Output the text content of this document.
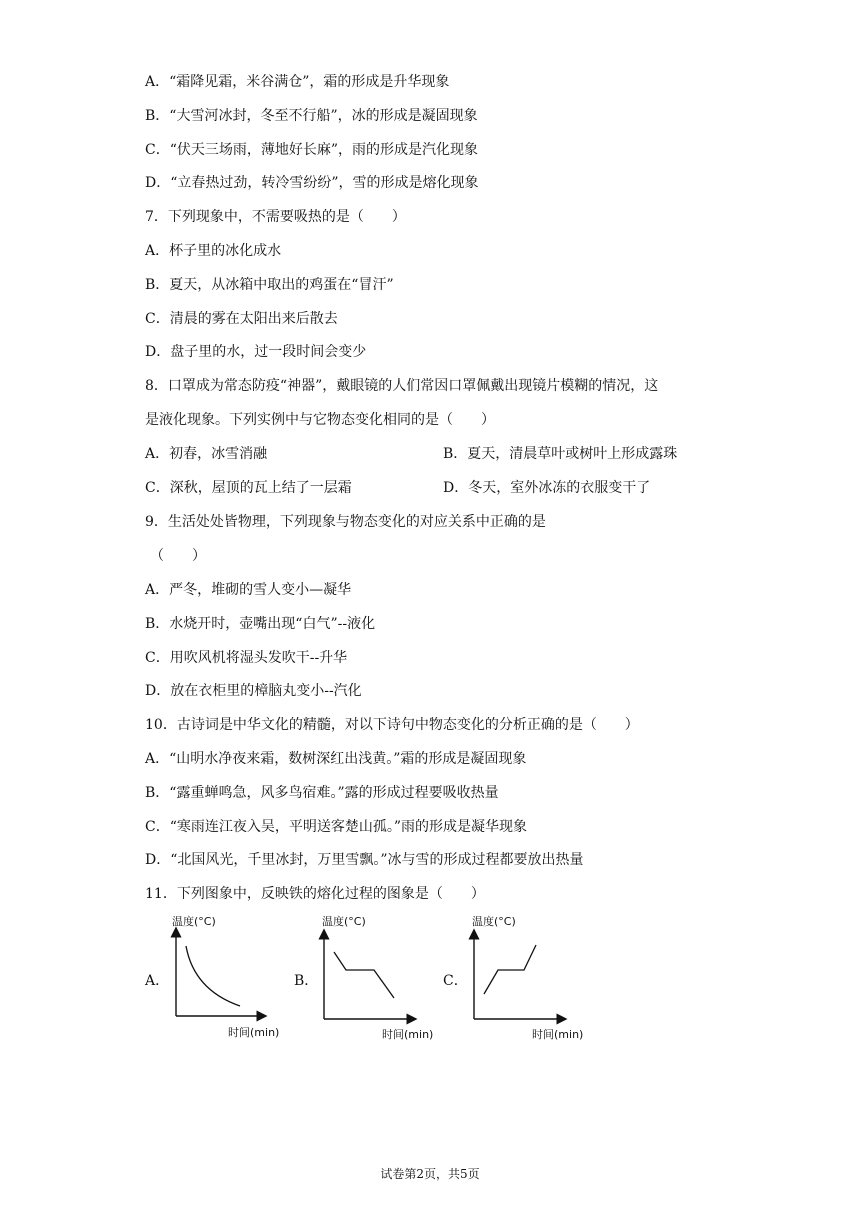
A．“霜降见霜，米谷满仓”，霜的形成是升华现象
B．“大雪河冰封，冬至不行船”，冰的形成是凝固现象
C．“伏天三场雨，薄地好长麻”，雨的形成是汽化现象
D．“立春热过劲，转冷雪纷纷”，雪的形成是熔化现象
7．下列现象中，不需要吸热的是（　　）
A．杯子里的冰化成水
B．夏天，从冰箱中取出的鸡蛋在“冒汗”
C．清晨的雾在太阳出来后散去
D．盘子里的水，过一段时间会变少
8．口罩成为常态防疫“神器”，戴眼镜的人们常因口罩佩戴出现镜片模糊的情况，这
是液化现象。下列实例中与它物态变化相同的是（　　）
A．初春，冰雪消融	B．夏天，清晨草叶或树叶上形成露珠
C．深秋，屋顶的瓦上结了一层霜	D．冬天，室外冰冻的衣服变干了
9．生活处处皆物理，下列现象与物态变化的对应关系中正确的是
（　　）
A．严冬，堆砌的雪人变小—凝华
B．水烧开时，壶嘴出现“白气”--液化
C．用吹风机将湿头发吹干--升华
D．放在衣柜里的樟脑丸变小--汽化
10．古诗词是中华文化的精髓，对以下诗句中物态变化的分析正确的是（　　）
A．“山明水净夜来霜，数树深红出浅黄。”霜的形成是凝固现象
B．“露重蝉鸣急，风多鸟宿难。”露的形成过程要吸收热量
C．“寒雨连江夜入吴，平明送客楚山孤。”雨的形成是凝华现象
D．“北国风光，千里冰封，万里雪飘。”冰与雪的形成过程都要放出热量
11．下列图象中，反映铁的熔化过程的图象是（　　）
A．
温度(°C)
时间(min)
B．
温度(°C)
时间(min)
C．
温度(°C)
时间(min)
试卷第2页，共5页
